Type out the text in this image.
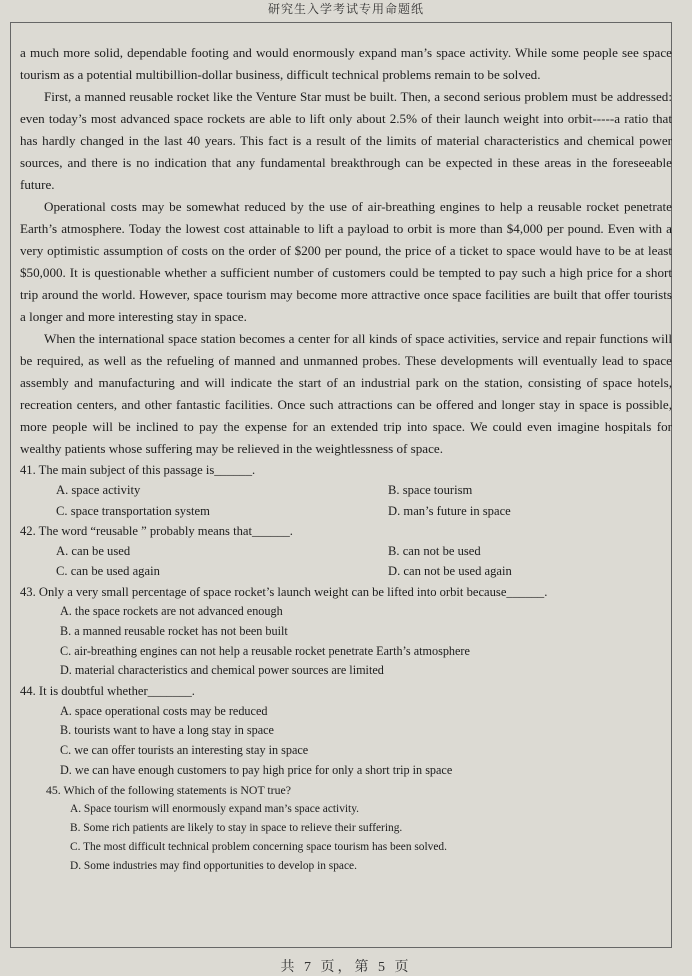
研究生入学考试专用命题纸

a much more solid, dependable footing and would enormously expand man’s space activity. While some people see space tourism as a potential multibillion-dollar business, difficult technical problems remain to be solved.

First, a manned reusable rocket like the Venture Star must be built. Then, a second serious problem must be addressed: even today’s most advanced space rockets are able to lift only about 2.5% of their launch weight into orbit-----a ratio that has hardly changed in the last 40 years. This fact is a result of the limits of material characteristics and chemical power sources, and there is no indication that any fundamental breakthrough can be expected in these areas in the foreseeable future.

Operational costs may be somewhat reduced by the use of air-breathing engines to help a reusable rocket penetrate Earth’s atmosphere. Today the lowest cost attainable to lift a payload to orbit is more than $4,000 per pound. Even with a very optimistic assumption of costs on the order of $200 per pound, the price of a ticket to space would have to be at least $50,000. It is questionable whether a sufficient number of customers could be tempted to pay such a high price for a short trip around the world. However, space tourism may become more attractive once space facilities are built that offer tourists a longer and more interesting stay in space.

When the international space station becomes a center for all kinds of space activities, service and repair functions will be required, as well as the refueling of manned and unmanned probes. These developments will eventually lead to space assembly and manufacturing and will indicate the start of an industrial park on the station, consisting of space hotels, recreation centers, and other fantastic facilities. Once such attractions can be offered and longer stay in space is possible, more people will be inclined to pay the expense for an extended trip into space. We could even imagine hospitals for wealthy patients whose suffering may be relieved in the weightlessness of space.

41. The main subject of this passage is______.
A. space activity	B. space tourism
C. space transportation system	D. man’s future in space
42. The word “reusable ” probably means that______.
A. can be used	B. can not be used
C. can be used again	D. can not be used again
43. Only a very small percentage of space rocket’s launch weight can be lifted into orbit because______.
A. the space rockets are not advanced enough
B. a manned reusable rocket has not been built
C. air-breathing engines can not help a reusable rocket penetrate Earth’s atmosphere
D. material characteristics and chemical power sources are limited
44. It is doubtful whether_______.
A. space operational costs may be reduced
B. tourists want to have a long stay in space
C. we can offer tourists an interesting stay in space
D. we can have enough customers to pay high price for only a short trip in space
45. Which of the following statements is NOT true?
A. Space tourism will enormously expand man’s space activity.
B. Some rich patients are likely to stay in space to relieve their suffering.
C. The most difficult technical problem concerning space tourism has been solved.
D. Some industries may find opportunities to develop in space.
共 7 页，第 5 页
